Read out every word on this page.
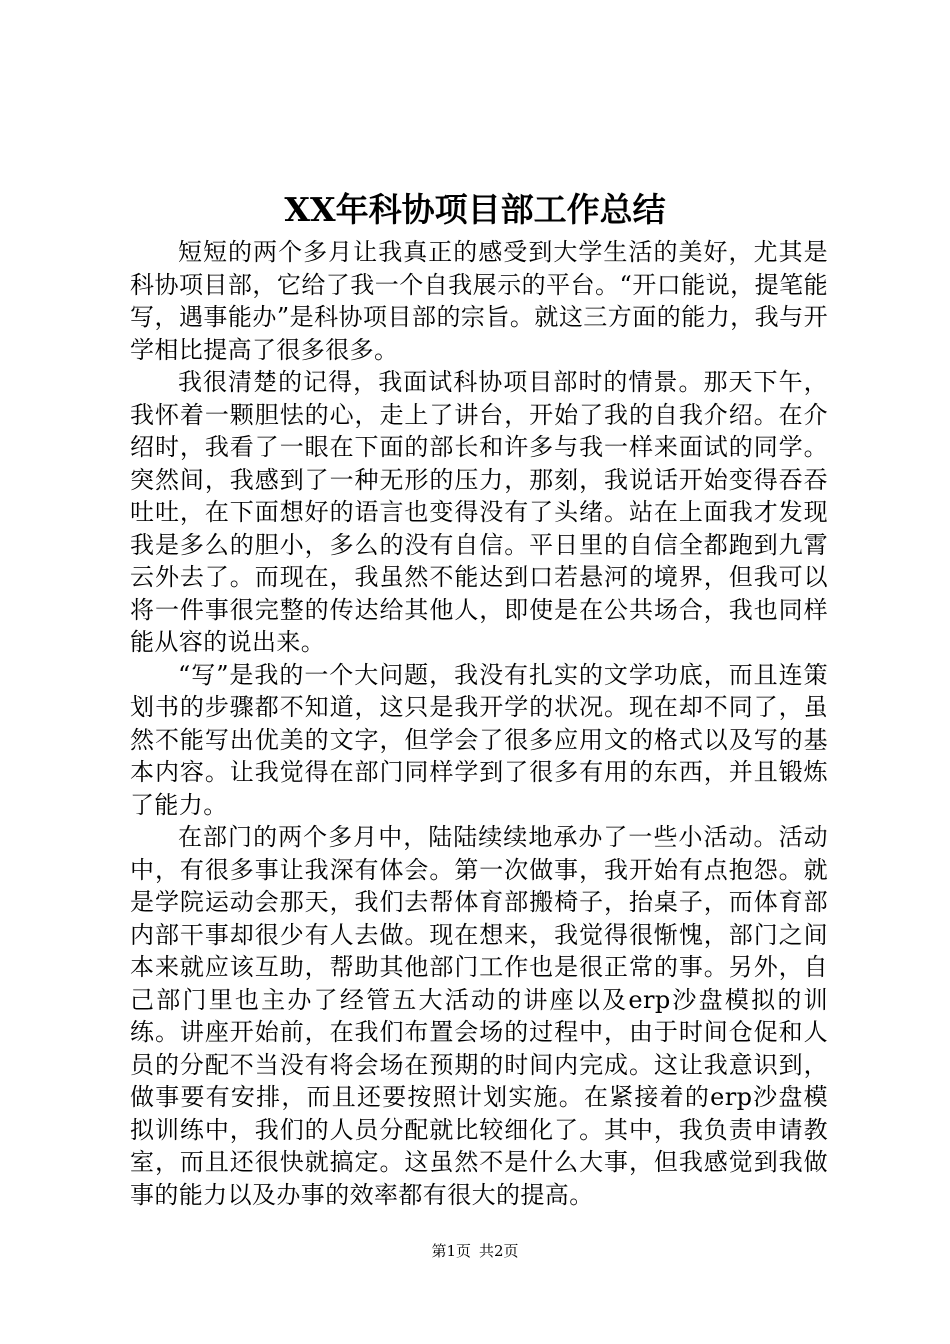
XX年科协项目部工作总结

短短的两个多月让我真正的感受到大学生活的美好，尤其是科协项目部，它给了我一个自我展示的平台。“开口能说，提笔能写，遇事能办”是科协项目部的宗旨。就这三方面的能力，我与开学相比提高了很多很多。

我很清楚的记得，我面试科协项目部时的情景。那天下午，我怀着一颗胆怯的心，走上了讲台，开始了我的自我介绍。在介绍时，我看了一眼在下面的部长和许多与我一样来面试的同学。突然间，我感到了一种无形的压力，那刻，我说话开始变得吞吞吐吐，在下面想好的语言也变得没有了头绪。站在上面我才发现我是多么的胆小，多么的没有自信。平日里的自信全都跑到九霄云外去了。而现在，我虽然不能达到口若悬河的境界，但我可以将一件事很完整的传达给其他人，即使是在公共场合，我也同样能从容的说出来。

“写”是我的一个大问题，我没有扎实的文学功底，而且连策划书的步骤都不知道，这只是我开学的状况。现在却不同了，虽然不能写出优美的文字，但学会了很多应用文的格式以及写的基本内容。让我觉得在部门同样学到了很多有用的东西，并且锻炼了能力。

在部门的两个多月中，陆陆续续地承办了一些小活动。活动中，有很多事让我深有体会。第一次做事，我开始有点抱怨。就是学院运动会那天，我们去帮体育部搬椅子，抬桌子，而体育部内部干事却很少有人去做。现在想来，我觉得很惭愧，部门之间本来就应该互助，帮助其他部门工作也是很正常的事。另外，自己部门里也主办了经管五大活动的讲座以及erp沙盘模拟的训练。讲座开始前，在我们布置会场的过程中，由于时间仓促和人员的分配不当没有将会场在预期的时间内完成。这让我意识到，做事要有安排，而且还要按照计划实施。在紧接着的erp沙盘模拟训练中，我们的人员分配就比较细化了。其中，我负责申请教室，而且还很快就搞定。这虽然不是什么大事，但我感觉到我做事的能力以及办事的效率都有很大的提高。

第1页 共2页
